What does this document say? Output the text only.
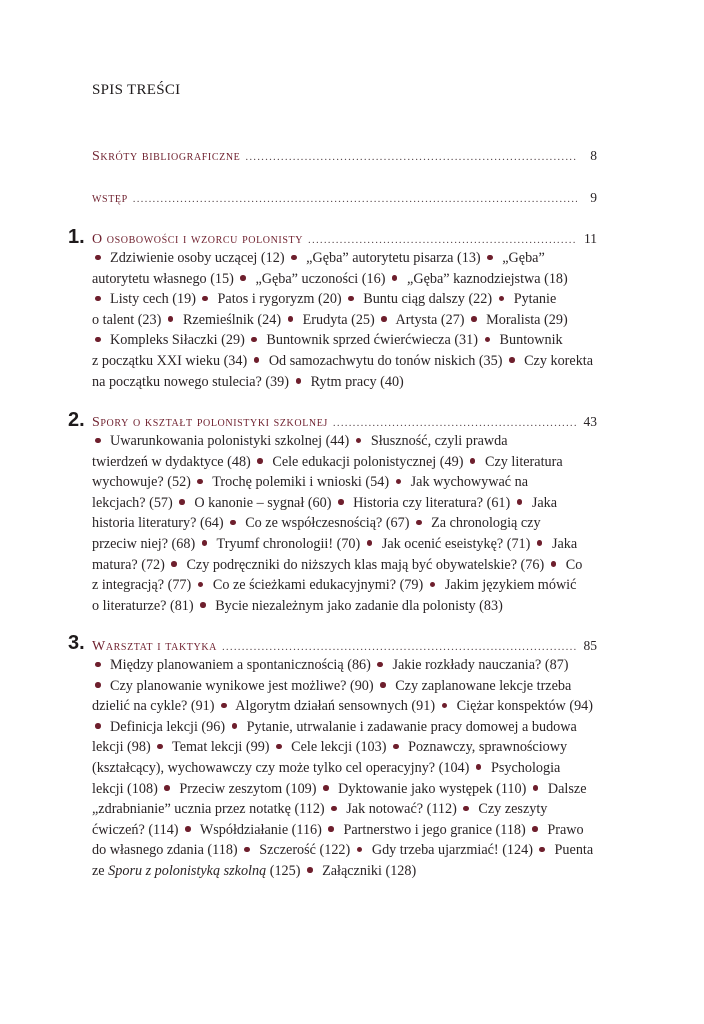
SPIS TREŚCI
Skróty bibliograficzne .....	8
wstęp .....	9
1. O osobowości i wzorcu polonisty .....	11
Zdziwienie osoby uczącej (12)  „Gęba” autorytetu pisarza (13)  „Gęba”
autorytetu własnego (15)  „Gęba” uczoności (16)  „Gęba” kaznodziejstwa (18)
Listy cech (19)  Patos i rygoryzm (20)  Buntu ciąg dalszy (22)  Pytanie
o talent (23)  Rzemieślnik (24)  Erudyta (25)  Artysta (27)  Moralista (29)
Kompleks Siłaczki (29)  Buntownik sprzed ćwierćwiecza (31)  Buntownik
z początku XXI wieku (34)  Od samozachwytu do tonów niskich (35)  Czy korekta
na początku nowego stulecia? (39)  Rytm pracy (40)
2. Spory o kształt polonistyki szkolnej .....	43
Uwarunkowania polonistyki szkolnej (44)  Słuszność, czyli prawda
twierdzeń w dydaktyce (48)  Cele edukacji polonistycznej (49)  Czy literatura
wychowuje? (52)  Trochę polemiki i wnioski (54)  Jak wychowywać na
lekcjach? (57)  O kanonie – sygnał (60)  Historia czy literatura? (61)  Jaka
historia literatury? (64)  Co ze współczesnością? (67)  Za chronologią czy
przeciw niej? (68)  Tryumf chronologii! (70)  Jak ocenić eseistykę? (71)  Jaka
matura? (72)  Czy podręczniki do niższych klas mają być obywatelskie? (76)  Co
z integracją? (77)  Co ze ścieżkami edukacyjnymi? (79)  Jakim językiem mówić
o literaturze? (81)  Bycie niezależnym jako zadanie dla polonisty (83)
3. Warsztat i taktyka .....	85
Między planowaniem a spontanicznością (86)  Jakie rozkłady nauczania? (87)
Czy planowanie wynikowe jest możliwe? (90)  Czy zaplanowane lekcje trzeba
dzielić na cykle? (91)  Algorytm działań sensownych (91)  Ciężar konspektów (94)
Definicja lekcji (96)  Pytanie, utrwalanie i zadawanie pracy domowej a budowa
lekcji (98)  Temat lekcji (99)  Cele lekcji (103)  Poznawczy, sprawnościowy
(kształcący), wychowawczy czy może tylko cel operacyjny? (104)  Psychologia
lekcji (108)  Przeciw zeszytom (109)  Dyktowanie jako występek (110)  Dalsze
„zdrabnianie” ucznia przez notatkę (112)  Jak notować? (112)  Czy zeszyty
ćwiczeń? (114)  Współdziałanie (116)  Partnerstwo i jego granice (118)  Prawo
do własnego zdania (118)  Szczerość (122)  Gdy trzeba ujarzmiać! (124)  Puenta
ze Sporu z polonistyką szkolną (125)  Załączniki (128)
